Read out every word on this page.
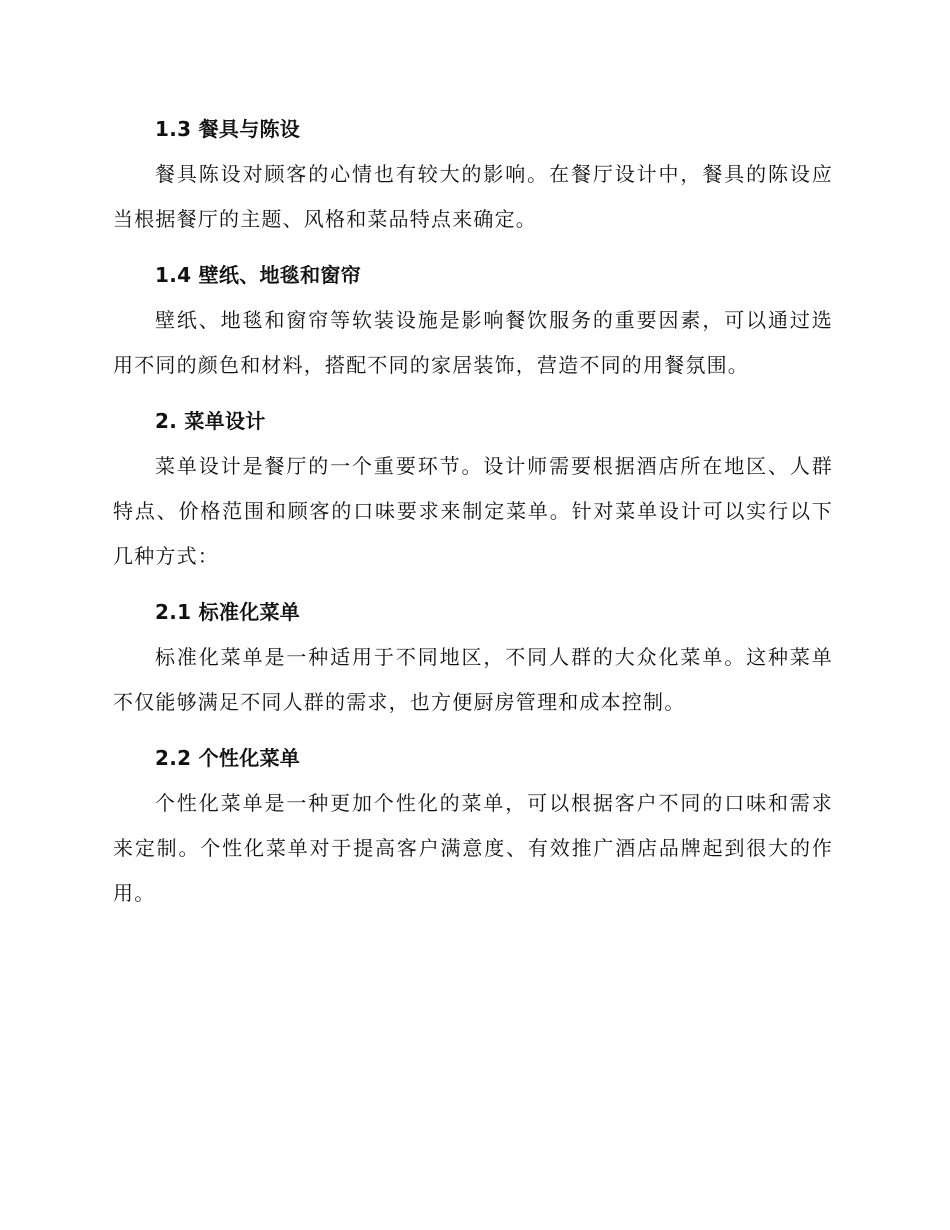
1.3 餐具与陈设

餐具陈设对顾客的心情也有较大的影响。在餐厅设计中，餐具的陈设应当根据餐厅的主题、风格和菜品特点来确定。

1.4 壁纸、地毯和窗帘

壁纸、地毯和窗帘等软装设施是影响餐饮服务的重要因素，可以通过选用不同的颜色和材料，搭配不同的家居装饰，营造不同的用餐氛围。

2. 菜单设计

菜单设计是餐厅的一个重要环节。设计师需要根据酒店所在地区、人群特点、价格范围和顾客的口味要求来制定菜单。针对菜单设计可以实行以下几种方式：

2.1 标准化菜单

标准化菜单是一种适用于不同地区，不同人群的大众化菜单。这种菜单不仅能够满足不同人群的需求，也方便厨房管理和成本控制。

2.2 个性化菜单

个性化菜单是一种更加个性化的菜单，可以根据客户不同的口味和需求来定制。个性化菜单对于提高客户满意度、有效推广酒店品牌起到很大的作用。
